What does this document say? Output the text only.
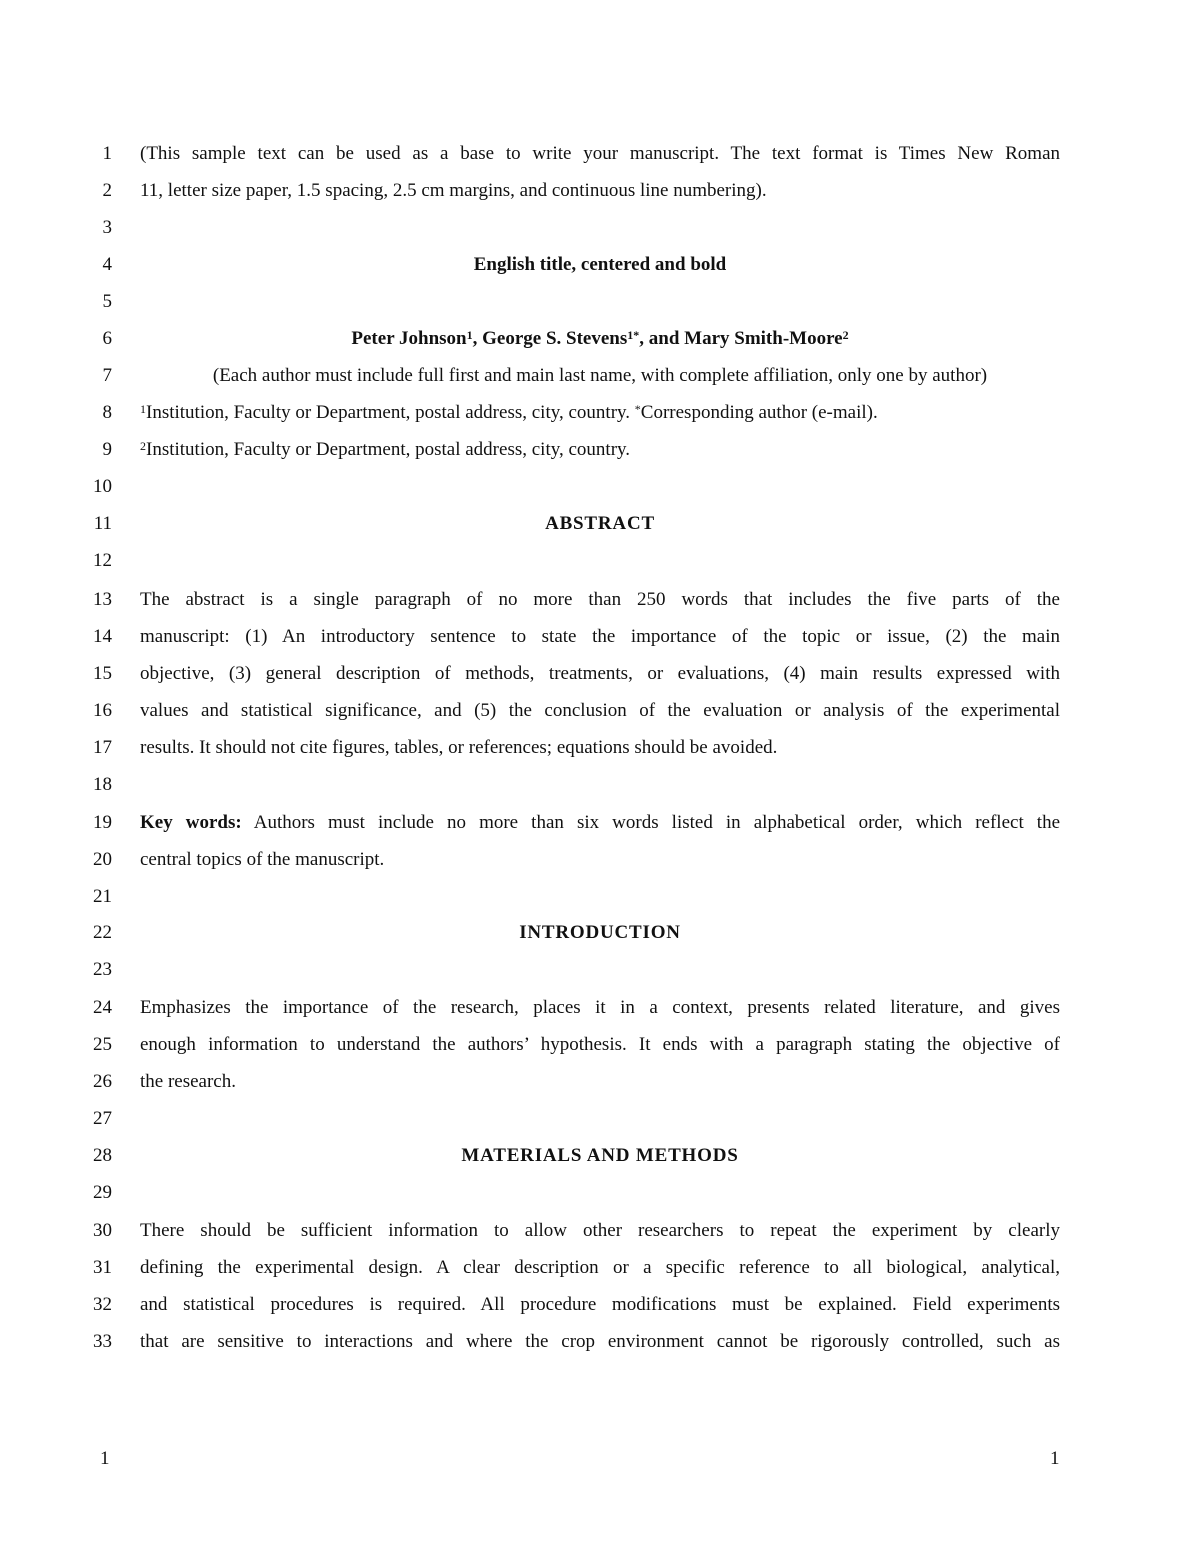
1 (This sample text can be used as a base to write your manuscript. The text format is Times New Roman
2 11, letter size paper, 1.5 spacing, 2.5 cm margins, and continuous line numbering).
3
4	English title, centered and bold
5
6	Peter Johnson$^1$, George S. Stevens$^{1*}$, and Mary Smith-Moore$^2$
7	(Each author must include full first and main last name, with complete affiliation, only one by author)
8 $^1$Institution, Faculty or Department, postal address, city, country. *Corresponding author (e-mail).
9 $^2$Institution, Faculty or Department, postal address, city, country.
10
11	ABSTRACT
12
13 The abstract is a single paragraph of no more than 250 words that includes the five parts of the
14 manuscript: (1) An introductory sentence to state the importance of the topic or issue, (2) the main
15 objective, (3) general description of methods, treatments, or evaluations, (4) main results expressed with
16 values and statistical significance, and (5) the conclusion of the evaluation or analysis of the experimental
17 results. It should not cite figures, tables, or references; equations should be avoided.
18
19 Key words: Authors must include no more than six words listed in alphabetical order, which reflect the
20 central topics of the manuscript.
21
22	INTRODUCTION
23
24 Emphasizes the importance of the research, places it in a context, presents related literature, and gives
25 enough information to understand the authors’ hypothesis. It ends with a paragraph stating the objective of
26 the research.
27
28	MATERIALS AND METHODS
29
30 There should be sufficient information to allow other researchers to repeat the experiment by clearly
31 defining the experimental design. A clear description or a specific reference to all biological, analytical,
32 and statistical procedures is required. All procedure modifications must be explained. Field experiments
33 that are sensitive to interactions and where the crop environment cannot be rigorously controlled, such as
1	1
